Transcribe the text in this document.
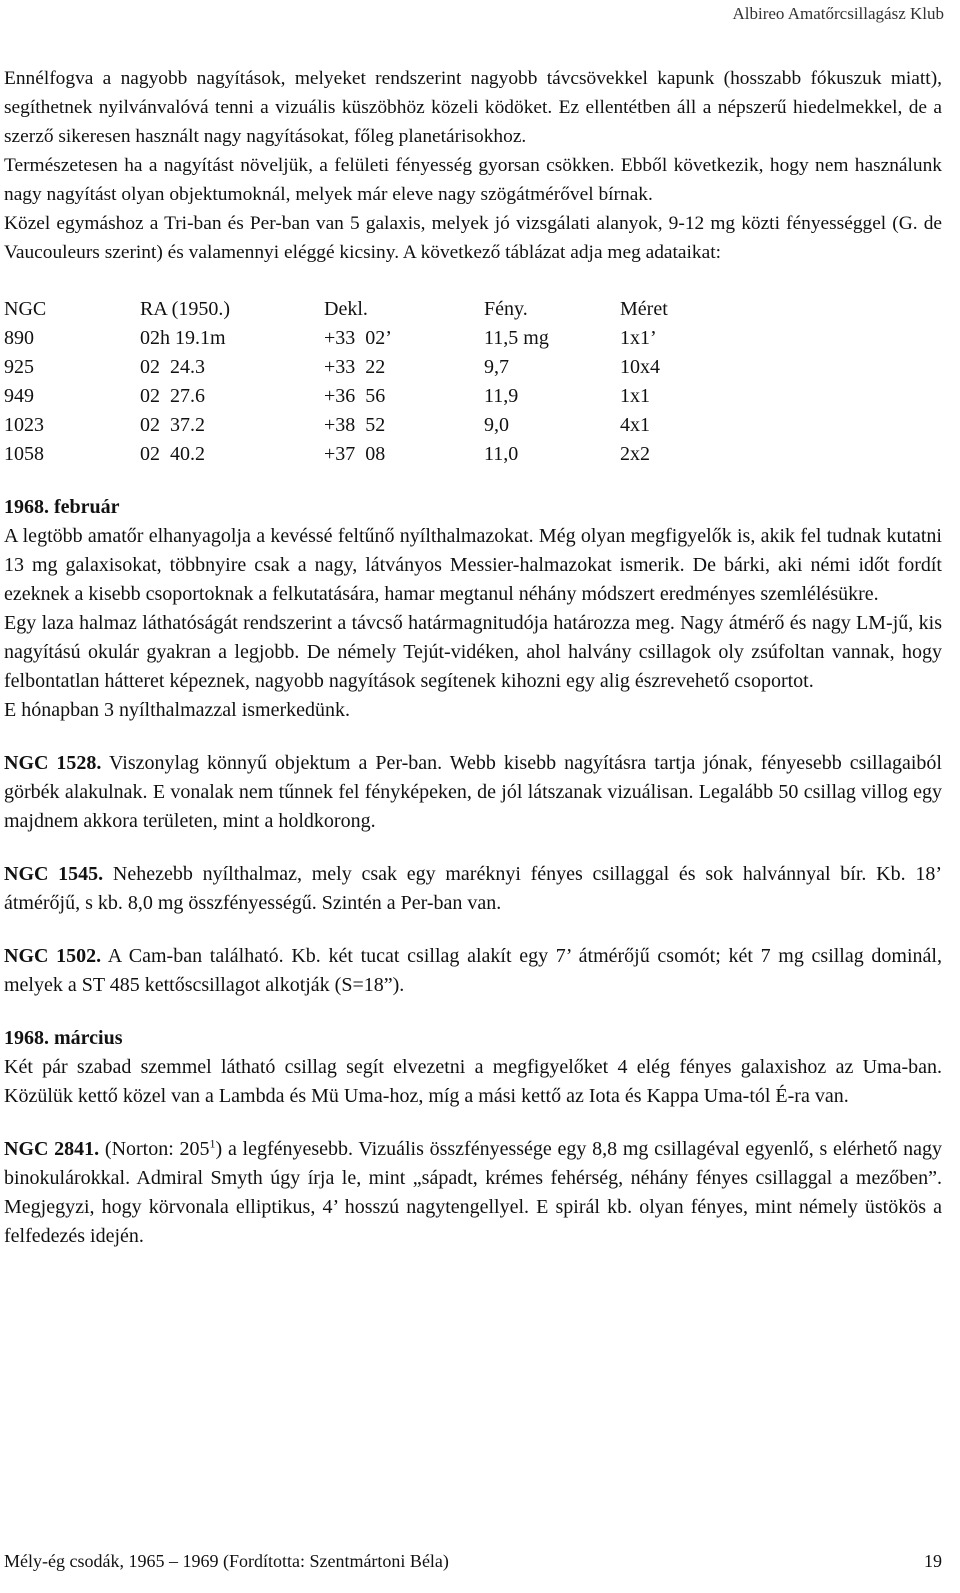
Albireo Amatőrcsillagász Klub

Ennélfogva a nagyobb nagyítások, melyeket rendszerint nagyobb távcsövekkel kapunk (hosszabb fókuszuk miatt), segíthetnek nyilvánvalóvá tenni a vizuális küszöbhöz közeli ködöket. Ez ellentétben áll a népszerű hiedelmekkel, de a szerző sikeresen használt nagy nagyításokat, főleg planetárisokhoz.

Természetesen ha a nagyítást növeljük, a felületi fényesség gyorsan csökken. Ebből következik, hogy nem használunk nagy nagyítást olyan objektumoknál, melyek már eleve nagy szögátmérővel bírnak.

Közel egymáshoz a Tri-ban és Per-ban van 5 galaxis, melyek jó vizsgálati alanyok, 9-12 mg közti fényességgel (G. de Vaucouleurs szerint) és valamennyi eléggé kicsiny. A következő táblázat adja meg adataikat:

NGC	RA (1950.)	Dekl.	Fény.	Méret
890	02h 19.1m	+33  02’	11,5 mg	1x1’
925	02  24.3	+33  22	9,7	10x4
949	02  27.6	+36  56	11,9	1x1
1023	02  37.2	+38  52	9,0	4x1
1058	02  40.2	+37  08	11,0	2x2

1968. február

A legtöbb amatőr elhanyagolja a kevéssé feltűnő nyílthalmazokat. Még olyan megfigyelők is, akik fel tudnak kutatni 13 mg galaxisokat, többnyire csak a nagy, látványos Messier-halmazokat ismerik. De bárki, aki némi időt fordít ezeknek a kisebb csoportoknak a felkutatására, hamar megtanul néhány módszert eredményes szemlélésükre.

Egy laza halmaz láthatóságát rendszerint a távcső határmagnitudója határozza meg. Nagy átmérő és nagy LM-jű, kis nagyítású okulár gyakran a legjobb. De némely Tejút-vidéken, ahol halvány csillagok oly zsúfoltan vannak, hogy felbontatlan hátteret képeznek, nagyobb nagyítások segítenek kihozni egy alig észrevehető csoportot.

E hónapban 3 nyílthalmazzal ismerkedünk.

NGC 1528. Viszonylag könnyű objektum a Per-ban. Webb kisebb nagyításra tartja jónak, fényesebb csillagaiból görbék alakulnak. E vonalak nem tűnnek fel fényképeken, de jól látszanak vizuálisan. Legalább 50 csillag villog egy majdnem akkora területen, mint a holdkorong.

NGC 1545. Nehezebb nyílthalmaz, mely csak egy maréknyi fényes csillaggal és sok halvánnyal bír. Kb. 18’ átmérőjű, s kb. 8,0 mg összfényességű. Szintén a Per-ban van.

NGC 1502. A Cam-ban található. Kb. két tucat csillag alakít egy 7’ átmérőjű csomót; két 7 mg csillag dominál, melyek a ST 485 kettőscsillagot alkotják (S=18”).

1968. március

Két pár szabad szemmel látható csillag segít elvezetni a megfigyelőket 4 elég fényes galaxishoz az Uma-ban. Közülük kettő közel van a Lambda és Mü Uma-hoz, míg a mási kettő az Iota és Kappa Uma-tól É-ra van.

NGC 2841. (Norton: $205^1$) a legfényesebb. Vizuális összfényessége egy 8,8 mg csillagéval egyenlő, s elérhető nagy binokulárokkal. Admiral Smyth úgy írja le, mint „sápadt, krémes fehérség, néhány fényes csillaggal a mezőben”. Megjegyzi, hogy körvonala elliptikus, 4’ hosszú nagytengellyel. E spirál kb. olyan fényes, mint némely üstökös a felfedezés idején.

Mély-ég csodák, 1965 – 1969 (Fordította: Szentmártoni Béla)	19
